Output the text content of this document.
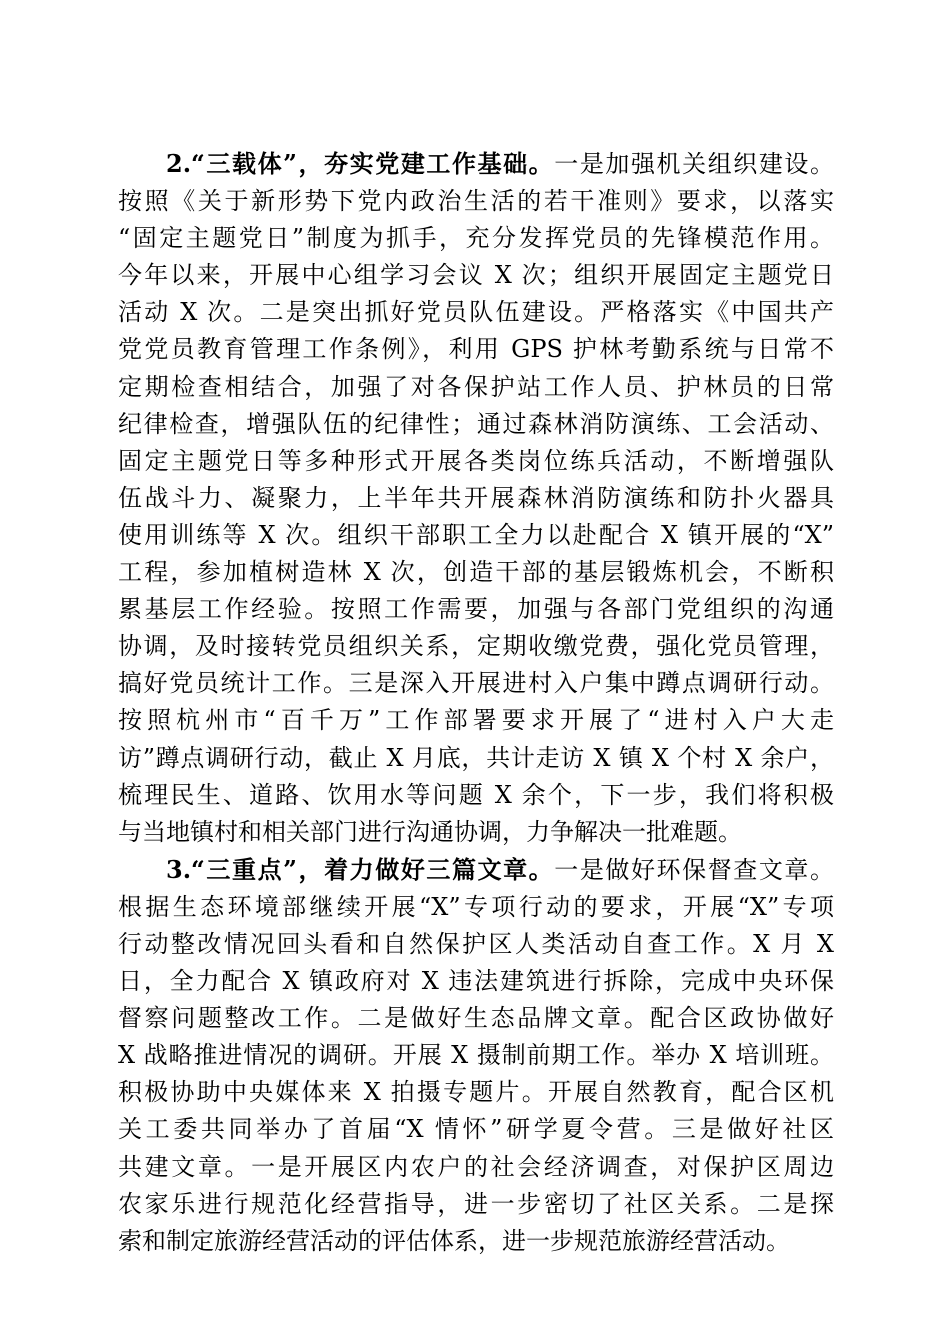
2.“三载体”，夯实党建工作基础。一是加强机关组织建设。
按照《关于新形势下党内政治生活的若干准则》要求，以落实
“固定主题党日”制度为抓手，充分发挥党员的先锋模范作用。
今年以来，开展中心组学习会议 X 次；组织开展固定主题党日
活动 X 次。二是突出抓好党员队伍建设。严格落实《中国共产
党党员教育管理工作条例》，利用 GPS 护林考勤系统与日常不
定期检查相结合，加强了对各保护站工作人员、护林员的日常
纪律检查，增强队伍的纪律性；通过森林消防演练、工会活动、
固定主题党日等多种形式开展各类岗位练兵活动，不断增强队
伍战斗力、凝聚力，上半年共开展森林消防演练和防扑火器具
使用训练等 X 次。组织干部职工全力以赴配合 X 镇开展的“X”
工程，参加植树造林 X 次，创造干部的基层锻炼机会，不断积
累基层工作经验。按照工作需要，加强与各部门党组织的沟通
协调，及时接转党员组织关系，定期收缴党费，强化党员管理，
搞好党员统计工作。三是深入开展进村入户集中蹲点调研行动。
按照杭州市“百千万”工作部署要求开展了“进村入户大走
访”蹲点调研行动，截止 X 月底，共计走访 X 镇 X 个村 X 余户，
梳理民生、道路、饮用水等问题 X 余个，下一步，我们将积极
与当地镇村和相关部门进行沟通协调，力争解决一批难题。
3.“三重点”，着力做好三篇文章。一是做好环保督查文章。
根据生态环境部继续开展“X”专项行动的要求，开展“X”专项
行动整改情况回头看和自然保护区人类活动自查工作。X 月 X
日，全力配合 X 镇政府对 X 违法建筑进行拆除，完成中央环保
督察问题整改工作。二是做好生态品牌文章。配合区政协做好
X 战略推进情况的调研。开展 X 摄制前期工作。举办 X 培训班。
积极协助中央媒体来 X 拍摄专题片。开展自然教育，配合区机
关工委共同举办了首届“X 情怀”研学夏令营。三是做好社区
共建文章。一是开展区内农户的社会经济调查，对保护区周边
农家乐进行规范化经营指导，进一步密切了社区关系。二是探
索和制定旅游经营活动的评估体系，进一步规范旅游经营活动。
